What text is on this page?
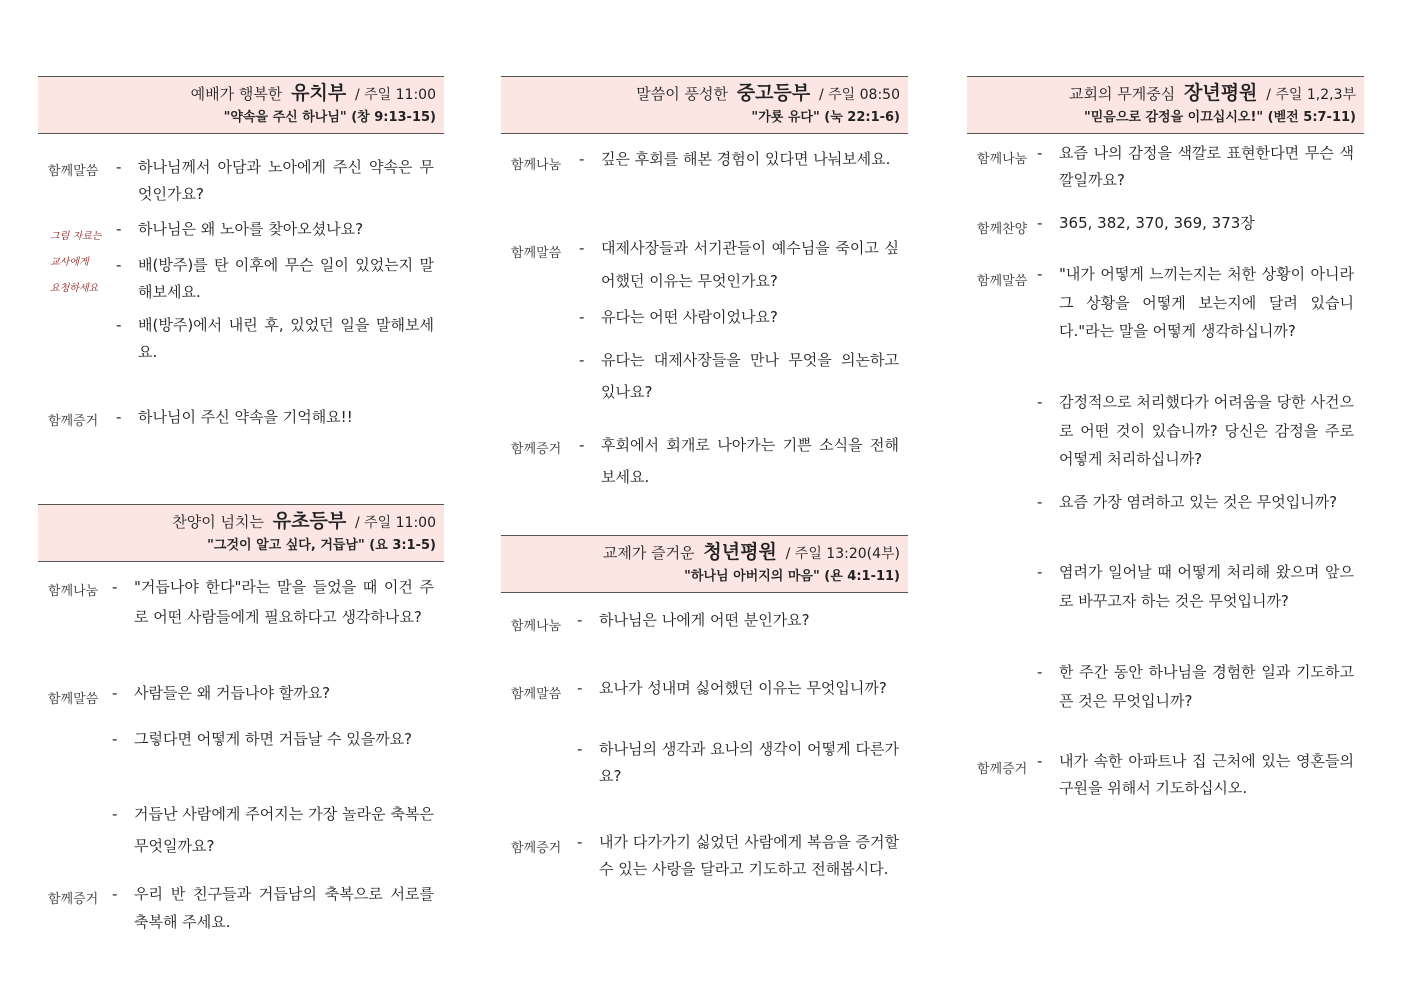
예배가 행복한 유치부 / 주일 11:00
"약속을 주신 하나님" (창 9:13-15)
함께말씀 - 하나님께서 아담과 노아에게 주신 약속은 무엇인가요?
- 하나님은 왜 노아를 찾아오셨나요?
그림 자료는
교사에게
요청하세요
- 배(방주)를 탄 이후에 무슨 일이 있었는지 말해보세요.
- 배(방주)에서 내린 후, 있었던 일을 말해보세요.
함께증거 - 하나님이 주신 약속을 기억해요!!
찬양이 넘치는 유초등부 / 주일 11:00
"그것이 알고 싶다, 거듭남" (요 3:1-5)
함께나눔 - "거듭나야 한다"라는 말을 들었을 때 이건 주로 어떤 사람들에게 필요하다고 생각하나요?
함께말씀 - 사람들은 왜 거듭나야 할까요?
- 그렇다면 어떻게 하면 거듭날 수 있을까요?
- 거듭난 사람에게 주어지는 가장 놀라운 축복은 무엇일까요?
함께증거 - 우리 반 친구들과 거듭남의 축복으로 서로를 축복해 주세요.
말씀이 풍성한 중고등부 / 주일 08:50
"가룟 유다" (눅 22:1-6)
함께나눔 - 깊은 후회를 해본 경험이 있다면 나눠보세요.
함께말씀 - 대제사장들과 서기관들이 예수님을 죽이고 싶어했던 이유는 무엇인가요?
- 유다는 어떤 사람이었나요?
- 유다는 대제사장들을 만나 무엇을 의논하고 있나요?
함께증거 - 후회에서 회개로 나아가는 기쁜 소식을 전해보세요.
교제가 즐거운 청년평원 / 주일 13:20(4부)
"하나님 아버지의 마음" (욘 4:1-11)
함께나눔 - 하나님은 나에게 어떤 분인가요?
함께말씀 - 요나가 성내며 싫어했던 이유는 무엇입니까?
- 하나님의 생각과 요나의 생각이 어떻게 다른가요?
함께증거 - 내가 다가가기 싫었던 사람에게 복음을 증거할 수 있는 사랑을 달라고 기도하고 전해봅시다.
교회의 무게중심 장년평원 / 주일 1,2,3부
"믿음으로 감정을 이끄십시오!" (벧전 5:7-11)
함께나눔 - 요즘 나의 감정을 색깔로 표현한다면 무슨 색깔일까요?
함께찬양 - 365, 382, 370, 369, 373장
함께말씀 - "내가 어떻게 느끼는지는 처한 상황이 아니라 그 상황을 어떻게 보는지에 달려 있습니다."라는 말을 어떻게 생각하십니까?
- 감정적으로 처리했다가 어려움을 당한 사건으로 어떤 것이 있습니까? 당신은 감정을 주로 어떻게 처리하십니까?
- 요즘 가장 염려하고 있는 것은 무엇입니까?
- 염려가 일어날 때 어떻게 처리해 왔으며 앞으로 바꾸고자 하는 것은 무엇입니까?
- 한 주간 동안 하나님을 경험한 일과 기도하고픈 것은 무엇입니까?
함께증거 - 내가 속한 아파트나 집 근처에 있는 영혼들의 구원을 위해서 기도하십시오.
